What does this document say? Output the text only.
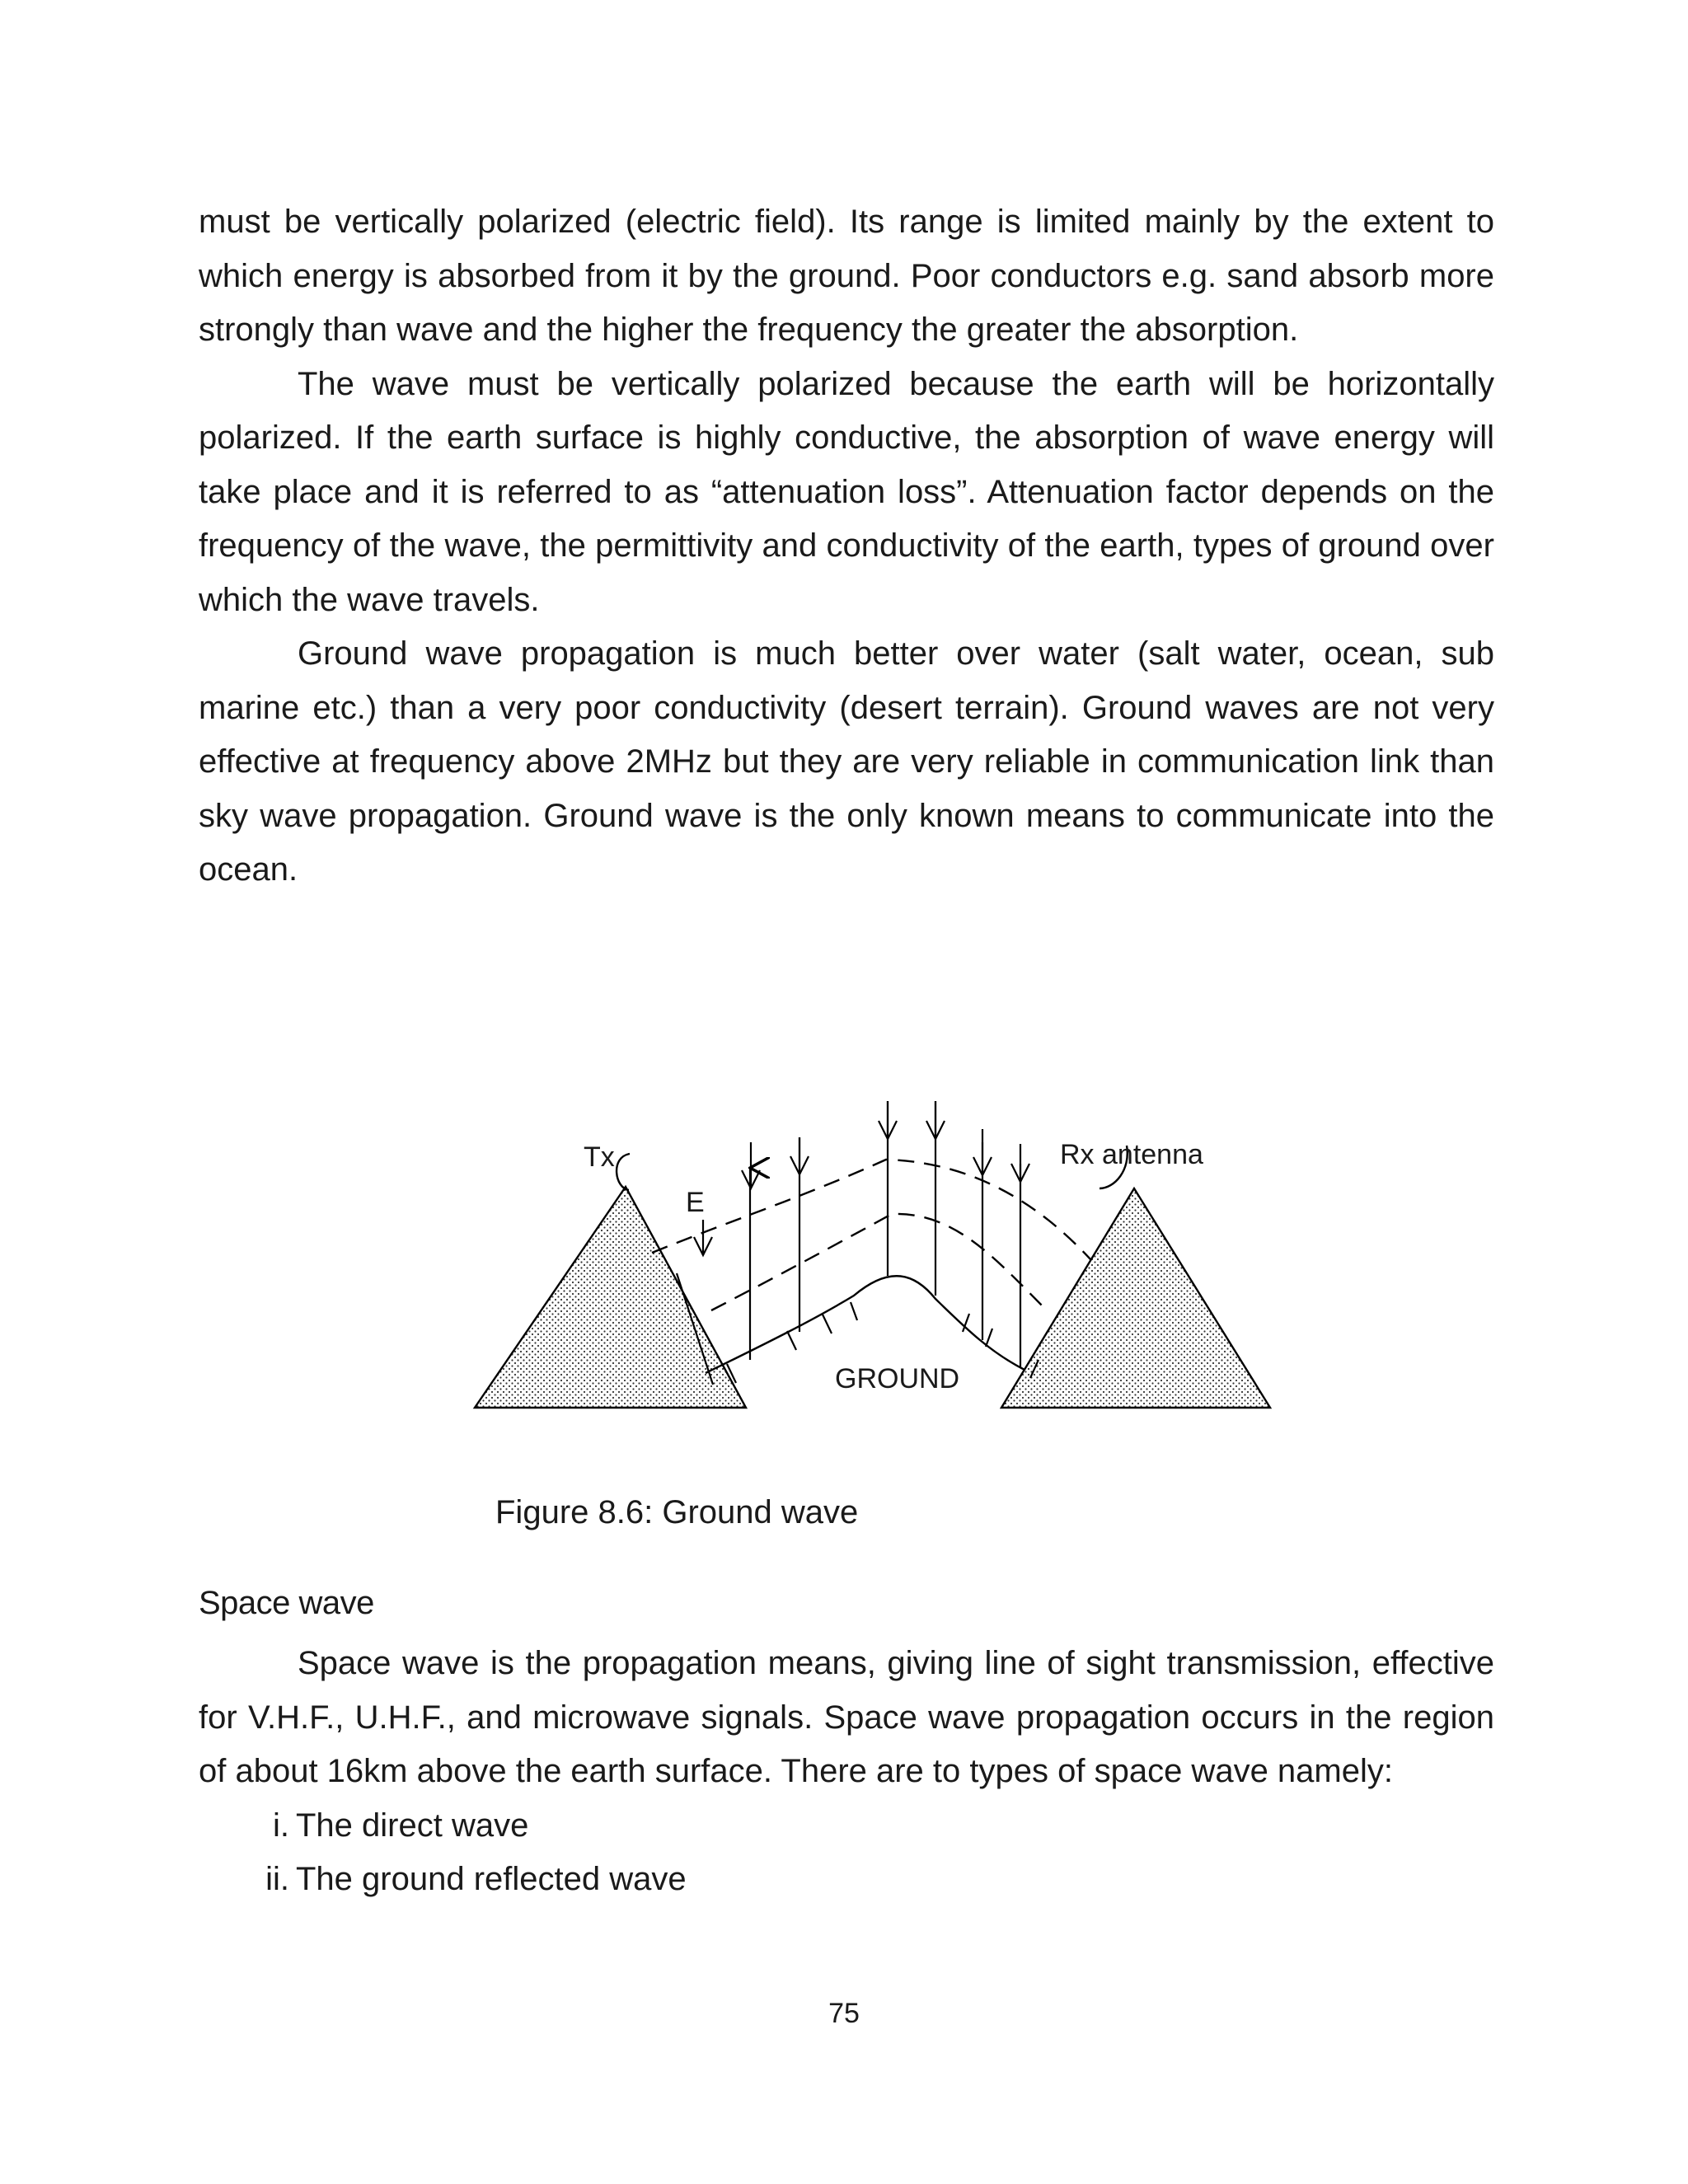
must be vertically polarized (electric field). Its range is limited mainly by the extent to which energy is absorbed from it by the ground. Poor conductors e.g. sand absorb more strongly than wave and the higher the frequency the greater the absorption.

The wave must be vertically polarized because the earth will be horizontally polarized. If the earth surface is highly conductive, the absorption of wave energy will take place and it is referred to as “attenuation loss”. Attenuation factor depends on the frequency of the wave, the permittivity and conductivity of the earth, types of ground over which the wave travels.

Ground wave propagation is much better over water (salt water, ocean, sub marine etc.) than a very poor conductivity (desert terrain). Ground waves are not very effective at frequency above 2MHz but they are very reliable in communication link than sky wave propagation. Ground wave is the only known means to communicate into the ocean.

Tx	Rx antenna
E
GROUND

Figure 8.6: Ground wave

Space wave

Space wave is the propagation means, giving line of sight transmission, effective for V.H.F., U.H.F., and microwave signals. Space wave propagation occurs in the region of about 16km above the earth surface. There are to types of space wave namely:

i. The direct wave
ii. The ground reflected wave

75
